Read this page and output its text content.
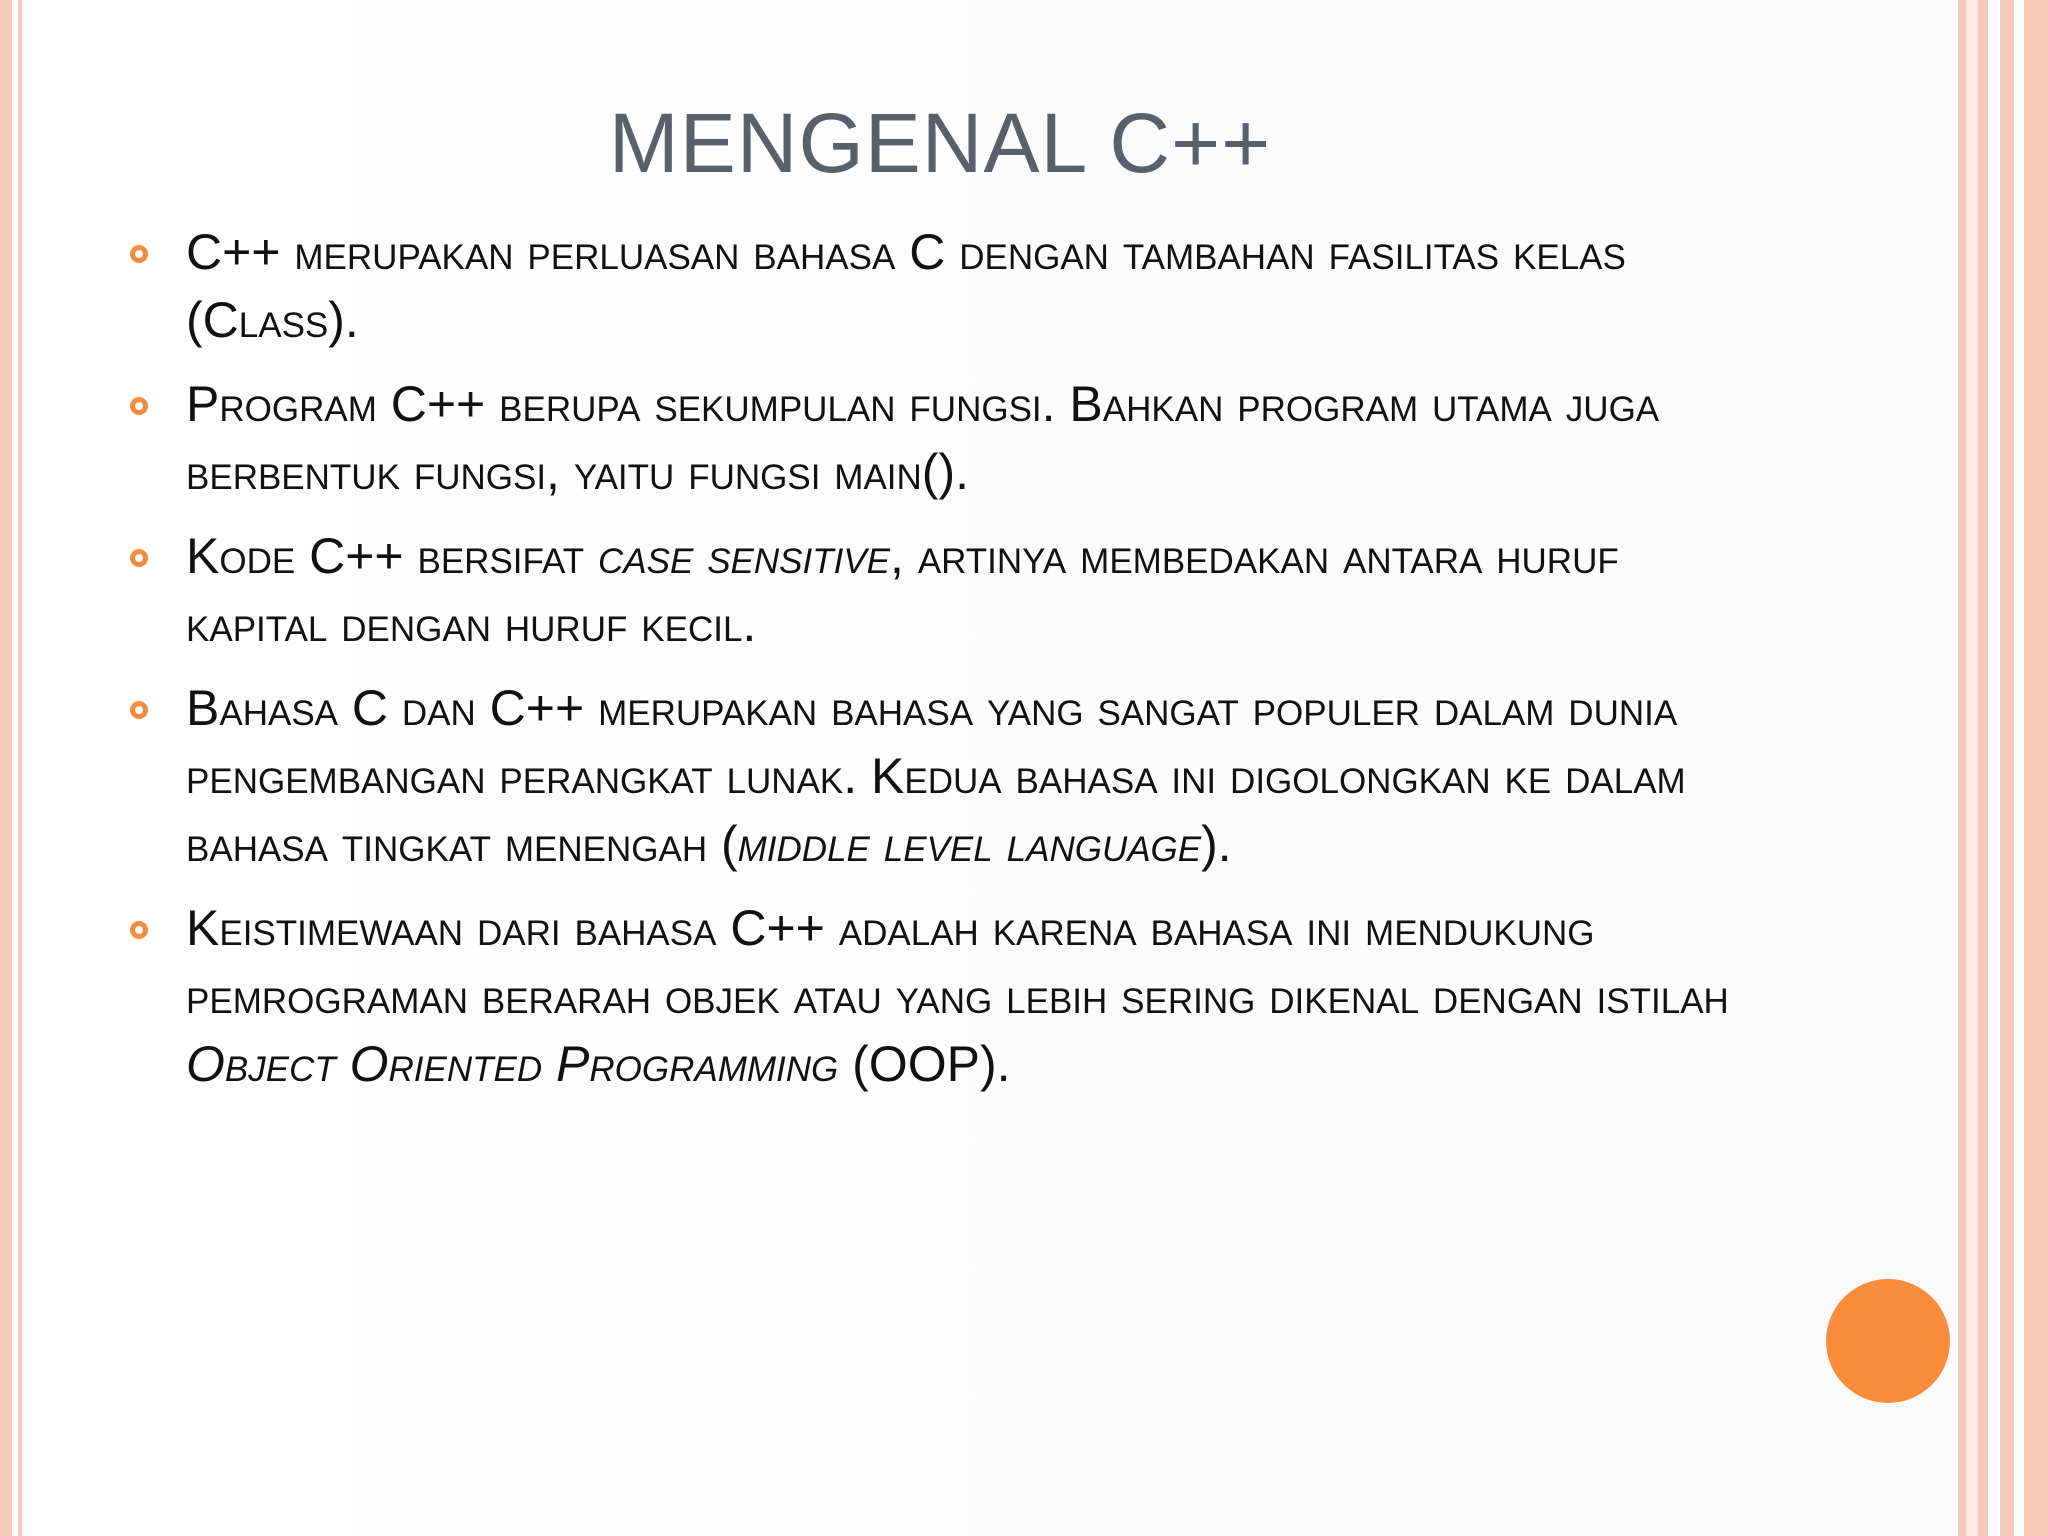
MENGENAL C++
C++ merupakan perluasan bahasa C dengan tambahan fasilitas kelas (Class).
Program C++ berupa sekumpulan fungsi. Bahkan program utama juga berbentuk fungsi, yaitu fungsi main().
Kode C++ bersifat case sensitive, artinya membedakan antara huruf kapital dengan huruf kecil.
Bahasa C dan C++ merupakan bahasa yang sangat populer dalam dunia pengembangan perangkat lunak. Kedua bahasa ini digolongkan ke dalam bahasa tingkat menengah (middle level language).
Keistimewaan dari bahasa C++ adalah karena bahasa ini mendukung pemrograman berarah objek atau yang lebih sering dikenal dengan istilah Object Oriented Programming (OOP).
